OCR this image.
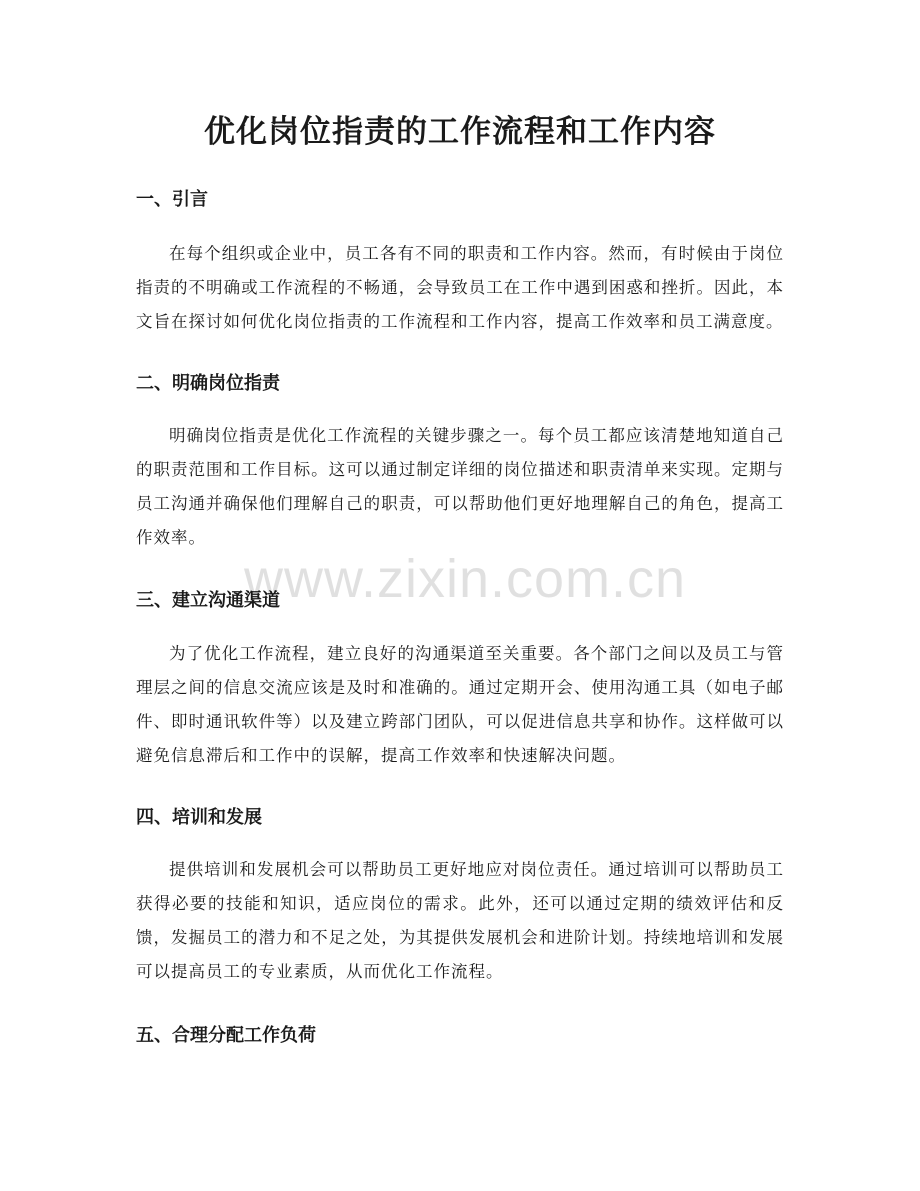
优化岗位指责的工作流程和工作内容
一、引言

在每个组织或企业中，员工各有不同的职责和工作内容。然而，有时候由于岗位指责的不明确或工作流程的不畅通，会导致员工在工作中遇到困惑和挫折。因此，本文旨在探讨如何优化岗位指责的工作流程和工作内容，提高工作效率和员工满意度。

二、明确岗位指责

明确岗位指责是优化工作流程的关键步骤之一。每个员工都应该清楚地知道自己的职责范围和工作目标。这可以通过制定详细的岗位描述和职责清单来实现。定期与员工沟通并确保他们理解自己的职责，可以帮助他们更好地理解自己的角色，提高工作效率。

三、建立沟通渠道

为了优化工作流程，建立良好的沟通渠道至关重要。各个部门之间以及员工与管理层之间的信息交流应该是及时和准确的。通过定期开会、使用沟通工具（如电子邮件、即时通讯软件等）以及建立跨部门团队，可以促进信息共享和协作。这样做可以避免信息滞后和工作中的误解，提高工作效率和快速解决问题。

四、培训和发展

提供培训和发展机会可以帮助员工更好地应对岗位责任。通过培训可以帮助员工获得必要的技能和知识，适应岗位的需求。此外，还可以通过定期的绩效评估和反馈，发掘员工的潜力和不足之处，为其提供发展机会和进阶计划。持续地培训和发展可以提高员工的专业素质，从而优化工作流程。

五、合理分配工作负荷
www.zixin.com.cn
